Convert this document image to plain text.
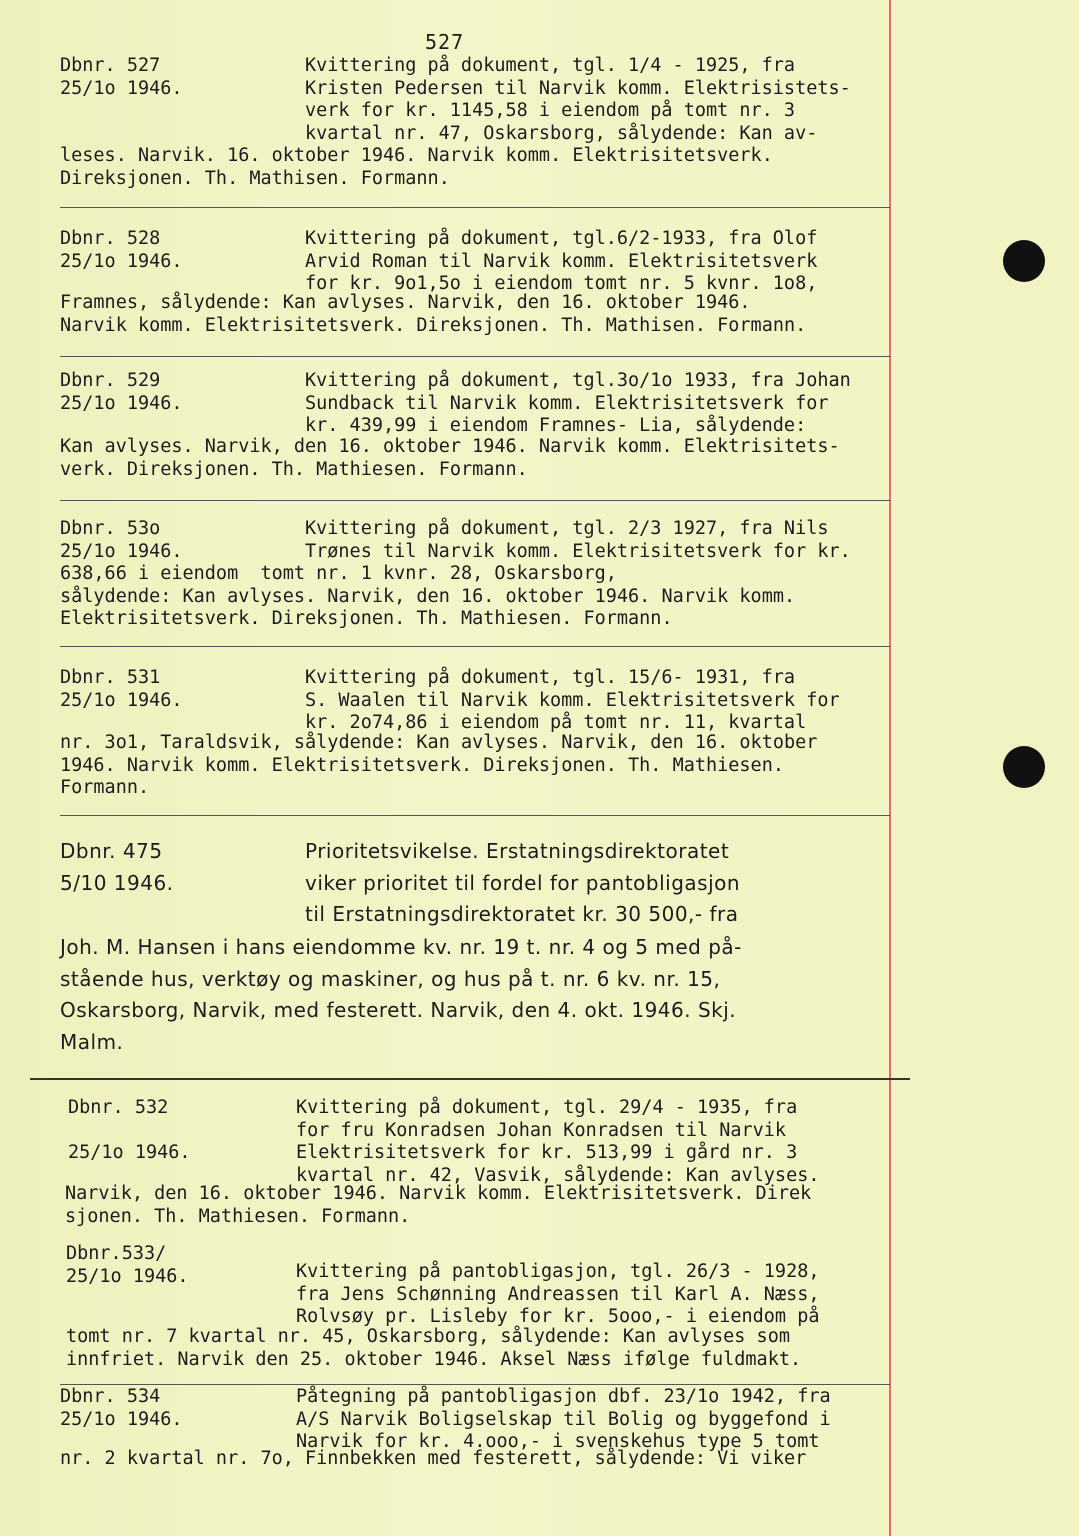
527
Dbnr. 527
25/1o 1946.
Kvittering på dokument, tgl. 1/4 - 1925, fra
Kristen Pedersen til Narvik komm. Elektrisistets-
verk for kr. 1145,58 i eiendom på tomt nr. 3
kvartal nr. 47, Oskarsborg, sålydende: Kan av-
leses. Narvik. 16. oktober 1946. Narvik komm. Elektrisitetsverk.
Direksjonen. Th. Mathisen. Formann.
Dbnr. 528
25/1o 1946.
Kvittering på dokument, tgl.6/2-1933, fra Olof
Arvid Roman til Narvik komm. Elektrisitetsverk
for kr. 9o1,5o i eiendom tomt nr. 5 kvnr. 1o8,
Framnes, sålydende: Kan avlyses. Narvik, den 16. oktober 1946.
Narvik komm. Elektrisitetsverk. Direksjonen. Th. Mathisen. Formann.
Dbnr. 529
25/1o 1946.
Kvittering på dokument, tgl.3o/1o 1933, fra Johan
Sundback til Narvik komm. Elektrisitetsverk for
kr. 439,99 i eiendom Framnes- Lia, sålydende:
Kan avlyses. Narvik, den 16. oktober 1946. Narvik komm. Elektrisitets-
verk. Direksjonen. Th. Mathiesen. Formann.
Dbnr. 53o
25/1o 1946.
Kvittering på dokument, tgl. 2/3 1927, fra Nils
Trønes til Narvik komm. Elektrisitetsverk for kr.
638,66 i eiendom  tomt nr. 1 kvnr. 28, Oskarsborg,
sålydende: Kan avlyses. Narvik, den 16. oktober 1946. Narvik komm.
Elektrisitetsverk. Direksjonen. Th. Mathiesen. Formann.
Dbnr. 531
25/1o 1946.
Kvittering på dokument, tgl. 15/6- 1931, fra
S. Waalen til Narvik komm. Elektrisitetsverk for
kr. 2o74,86 i eiendom på tomt nr. 11, kvartal
nr. 3o1, Taraldsvik, sålydende: Kan avlyses. Narvik, den 16. oktober
1946. Narvik komm. Elektrisitetsverk. Direksjonen. Th. Mathiesen.
Formann.
Dbnr. 475
5/10 1946.
Prioritetsvikelse. Erstatningsdirektoratet
viker prioritet til fordel for pantobligasjon
til Erstatningsdirektoratet kr. 30 500,- fra
Joh. M. Hansen i hans eiendomme kv. nr. 19 t. nr. 4 og 5 med på-
stående hus, verktøy og maskiner, og hus på t. nr. 6 kv. nr. 15,
Oskarsborg, Narvik, med festerett. Narvik, den 4. okt. 1946. Skj.
Malm.
Dbnr. 532

25/1o 1946.
Kvittering på dokument, tgl. 29/4 - 1935, fra
for fru Konradsen Johan Konradsen til Narvik
Elektrisitetsverk for kr. 513,99 i gård nr. 3
kvartal nr. 42, Vasvik, sålydende: Kan avlyses.
Narvik, den 16. oktober 1946. Narvik komm. Elektrisitetsverk. Direk
sjonen. Th. Mathiesen. Formann.
Dbnr.533/
25/1o 1946.	Kvittering på pantobligasjon, tgl. 26/3 - 1928,
fra Jens Schønning Andreassen til Karl A. Næss,
Rolvsøy pr. Lisleby for kr. 5ooo,- i eiendom på
tomt nr. 7 kvartal nr. 45, Oskarsborg, sålydende: Kan avlyses som
innfriet. Narvik den 25. oktober 1946. Aksel Næss ifølge fuldmakt.
Dbnr. 534
25/1o 1946.
Påtegning på pantobligasjon dbf. 23/1o 1942, fra
A/S Narvik Boligselskap til Bolig og byggefond i
Narvik for kr. 4.ooo,- i svenskehus type 5 tomt
nr. 2 kvartal nr. 7o, Finnbekken med festerett, sålydende: Vi viker
